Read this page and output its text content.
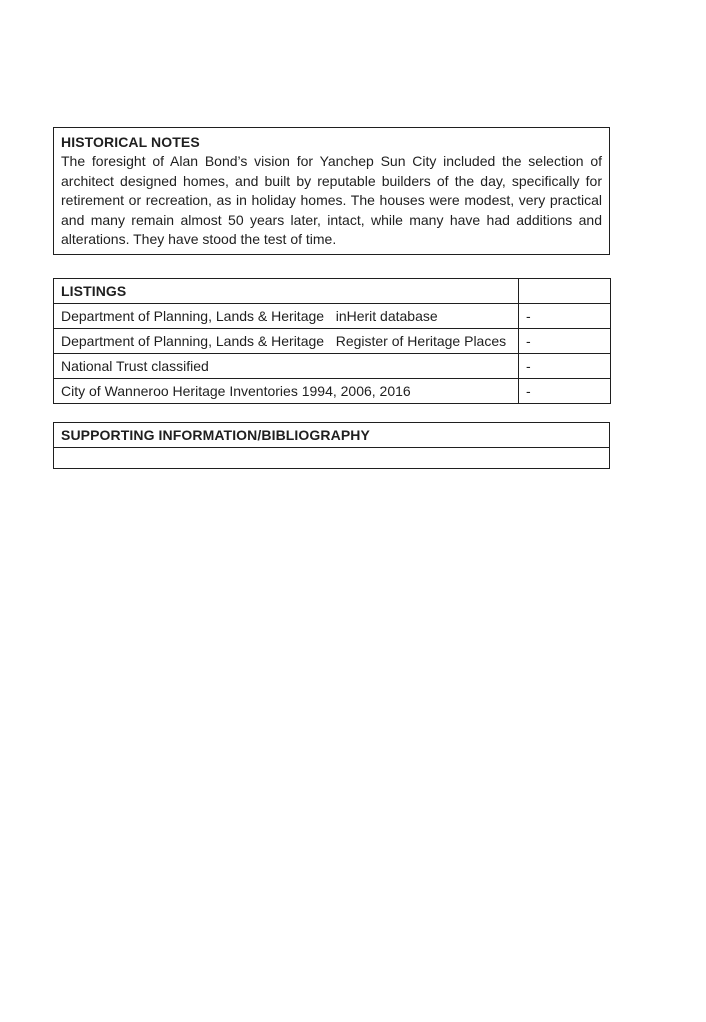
HISTORICAL NOTES

The foresight of Alan Bond’s vision for Yanchep Sun City included the selection of architect designed homes, and built by reputable builders of the day, specifically for retirement or recreation, as in holiday homes. The houses were modest, very practical and many remain almost 50 years later, intact, while many have had additions and alterations. They have stood the test of time.

LISTINGS	
Department of Planning, Lands & Heritage   inHerit database	-
Department of Planning, Lands & Heritage   Register of Heritage Places	-
National Trust classified	-
City of Wanneroo Heritage Inventories 1994, 2006, 2016	-
SUPPORTING INFORMATION/BIBLIOGRAPHY
